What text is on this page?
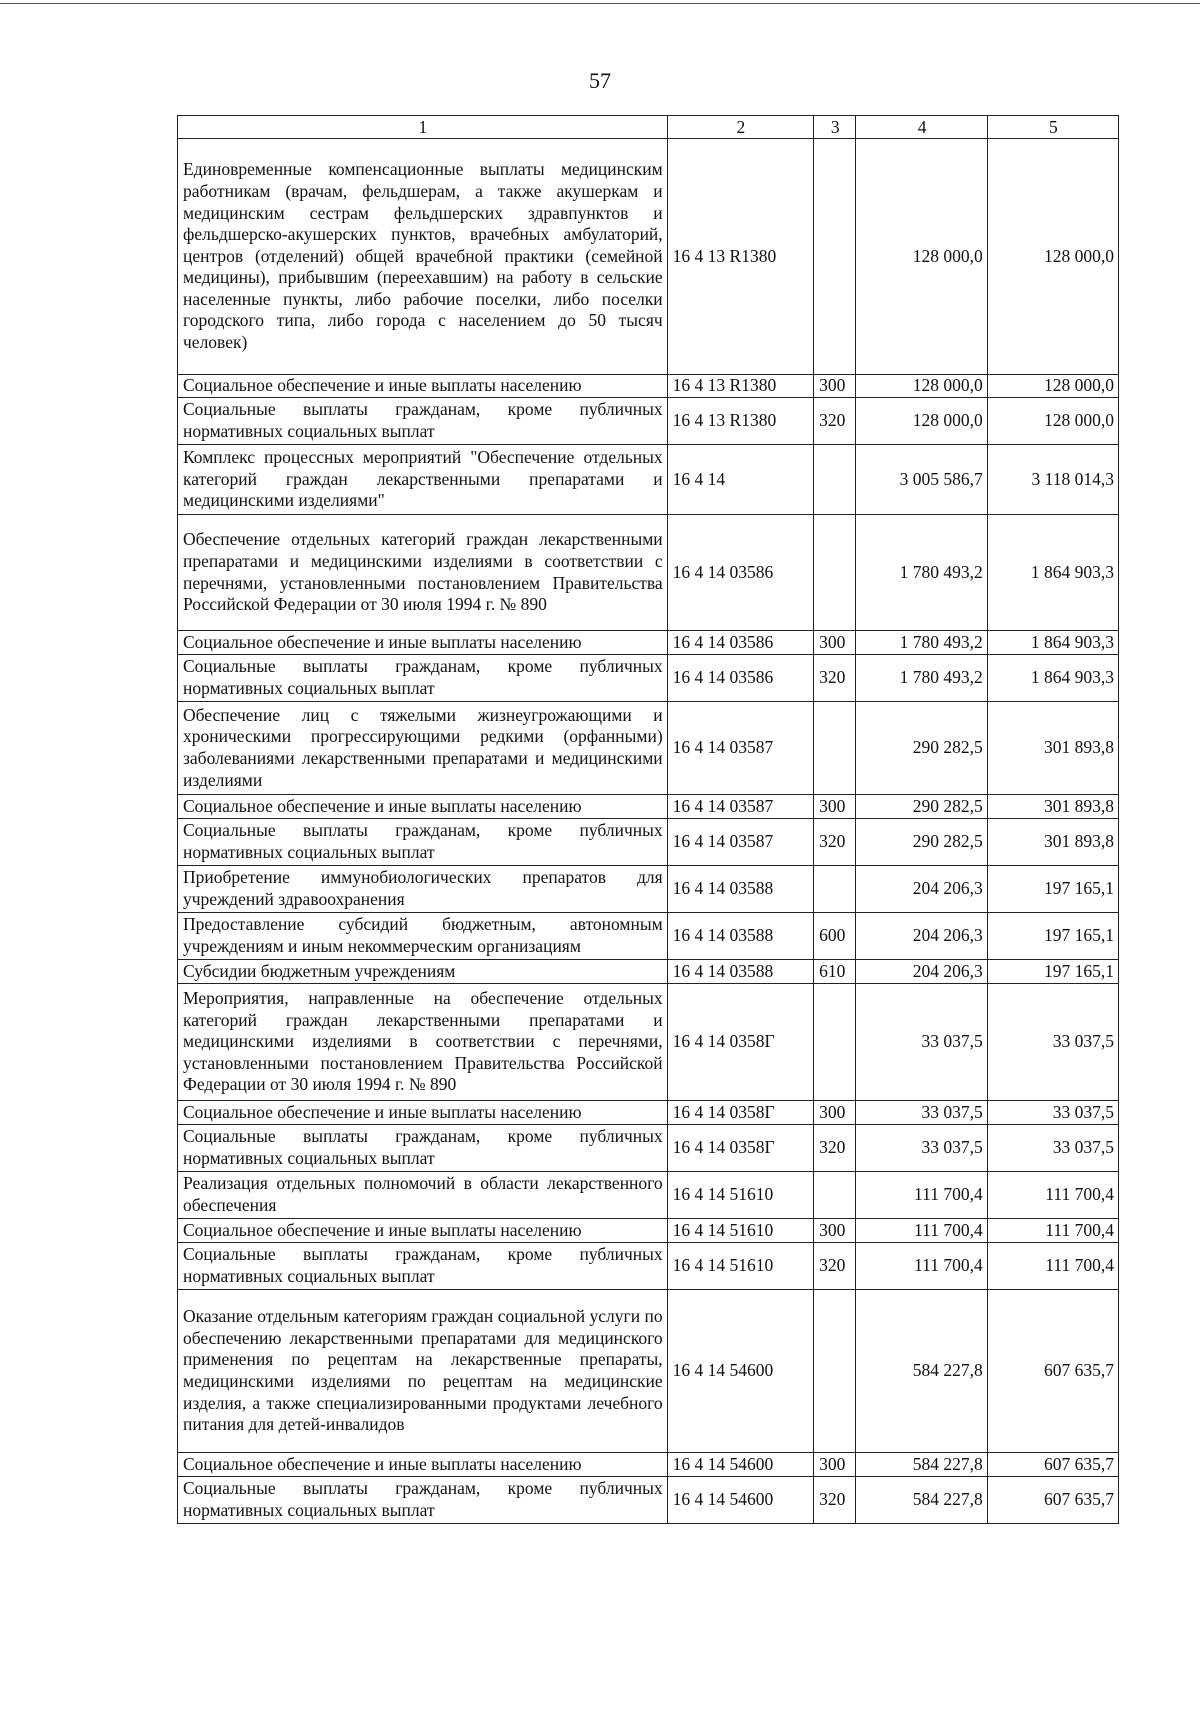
57
1	2	3	4	5
Единовременные компенсационные выплаты медицинским работникам (врачам, фельдшерам, а также акушеркам и медицинским сестрам фельдшерских здравпунктов и фельдшерско-акушерских пунктов, врачебных амбулаторий, центров (отделений) общей врачебной практики (семейной медицины), прибывшим (переехавшим) на работу в сельские населенные пункты, либо рабочие поселки, либо поселки городского типа, либо города с населением до 50 тысяч человек)	16 4 13 R1380		128 000,0	128 000,0
Социальное обеспечение и иные выплаты населению	16 4 13 R1380	300	128 000,0	128 000,0
Социальные выплаты гражданам, кроме публичных нормативных социальных выплат	16 4 13 R1380	320	128 000,0	128 000,0
Комплекс процессных мероприятий "Обеспечение отдельных категорий граждан лекарственными препаратами и медицинскими изделиями"	16 4 14		3 005 586,7	3 118 014,3
Обеспечение отдельных категорий граждан лекарственными препаратами и медицинскими изделиями в соответствии с перечнями, установленными постановлением Правительства Российской Федерации от 30 июля 1994 г. № 890	16 4 14 03586		1 780 493,2	1 864 903,3
Социальное обеспечение и иные выплаты населению	16 4 14 03586	300	1 780 493,2	1 864 903,3
Социальные выплаты гражданам, кроме публичных нормативных социальных выплат	16 4 14 03586	320	1 780 493,2	1 864 903,3
Обеспечение лиц с тяжелыми жизнеугрожающими и хроническими прогрессирующими редкими (орфанными) заболеваниями лекарственными препаратами и медицинскими изделиями	16 4 14 03587		290 282,5	301 893,8
Социальное обеспечение и иные выплаты населению	16 4 14 03587	300	290 282,5	301 893,8
Социальные выплаты гражданам, кроме публичных нормативных социальных выплат	16 4 14 03587	320	290 282,5	301 893,8
Приобретение иммунобиологических препаратов для учреждений здравоохранения	16 4 14 03588		204 206,3	197 165,1
Предоставление субсидий бюджетным, автономным учреждениям и иным некоммерческим организациям	16 4 14 03588	600	204 206,3	197 165,1
Субсидии бюджетным учреждениям	16 4 14 03588	610	204 206,3	197 165,1
Мероприятия, направленные на обеспечение отдельных категорий граждан лекарственными препаратами и медицинскими изделиями в соответствии с перечнями, установленными постановлением Правительства Российской Федерации от 30 июля 1994 г. № 890	16 4 14 0358Г		33 037,5	33 037,5
Социальное обеспечение и иные выплаты населению	16 4 14 0358Г	300	33 037,5	33 037,5
Социальные выплаты гражданам, кроме публичных нормативных социальных выплат	16 4 14 0358Г	320	33 037,5	33 037,5
Реализация отдельных полномочий в области лекарственного обеспечения	16 4 14 51610		111 700,4	111 700,4
Социальное обеспечение и иные выплаты населению	16 4 14 51610	300	111 700,4	111 700,4
Социальные выплаты гражданам, кроме публичных нормативных социальных выплат	16 4 14 51610	320	111 700,4	111 700,4
Оказание отдельным категориям граждан социальной услуги по обеспечению лекарственными препаратами для медицинского применения по рецептам на лекарственные препараты, медицинскими изделиями по рецептам на медицинские изделия, а также специализированными продуктами лечебного питания для детей-инвалидов	16 4 14 54600		584 227,8	607 635,7
Социальное обеспечение и иные выплаты населению	16 4 14 54600	300	584 227,8	607 635,7
Социальные выплаты гражданам, кроме публичных нормативных социальных выплат	16 4 14 54600	320	584 227,8	607 635,7
